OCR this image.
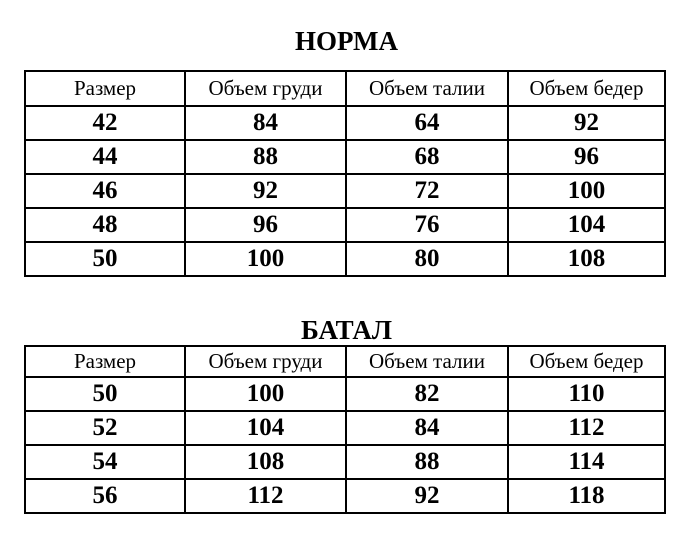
НОРМА
Размер	Объем груди	Объем талии	Объем бедер
42	84	64	92
44	88	68	96
46	92	72	100
48	96	76	104
50	100	80	108
БАТАЛ
Размер	Объем груди	Объем талии	Объем бедер
50	100	82	110
52	104	84	112
54	108	88	114
56	112	92	118
